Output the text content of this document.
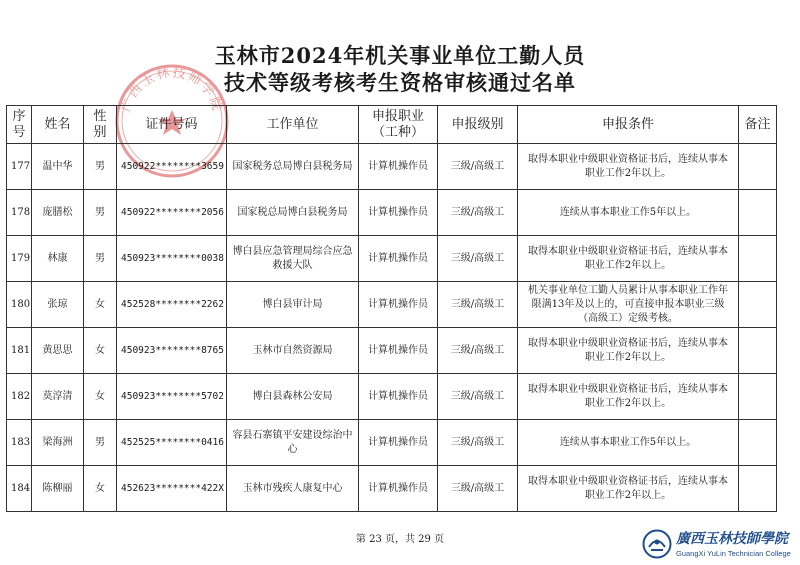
玉林市2024年机关事业单位工勤人员
技术等级考核考生资格审核通过名单
广西玉林技师学院
序号	姓名	性别	证件号码	工作单位	申报职业（工种）	申报级别	申报条件	备注
177	温中华	男	450922********3659	国家税务总局博白县税务局	计算机操作员	三级/高级工	取得本职业中级职业资格证书后，连续从事本职业工作2年以上。	
178	庞膳松	男	450922********2056	国家税总局博白县税务局	计算机操作员	三级/高级工	连续从事本职业工作5年以上。	
179	林康	男	450923********0038	博白县应急管理局综合应急救援大队	计算机操作员	三级/高级工	取得本职业中级职业资格证书后，连续从事本职业工作2年以上。	
180	张琼	女	452528********2262	博白县审计局	计算机操作员	三级/高级工	机关事业单位工勤人员累计从事本职业工作年限满13年及以上的，可直接申报本职业三级（高级工）定级考核。	
181	黄思思	女	450923********8765	玉林市自然资源局	计算机操作员	三级/高级工	取得本职业中级职业资格证书后，连续从事本职业工作2年以上。	
182	莫淳清	女	450923********5702	博白县森林公安局	计算机操作员	三级/高级工	取得本职业中级职业资格证书后，连续从事本职业工作2年以上。	
183	梁海洲	男	452525********0416	容县石寨镇平安建设综治中心	计算机操作员	三级/高级工	连续从事本职业工作5年以上。	
184	陈柳丽	女	452623********422X	玉林市残疾人康复中心	计算机操作员	三级/高级工	取得本职业中级职业资格证书后，连续从事本职业工作2年以上。	
第 23 页，共 29 页	廣西玉林技師學院
GuangXi YuLin Technician College
